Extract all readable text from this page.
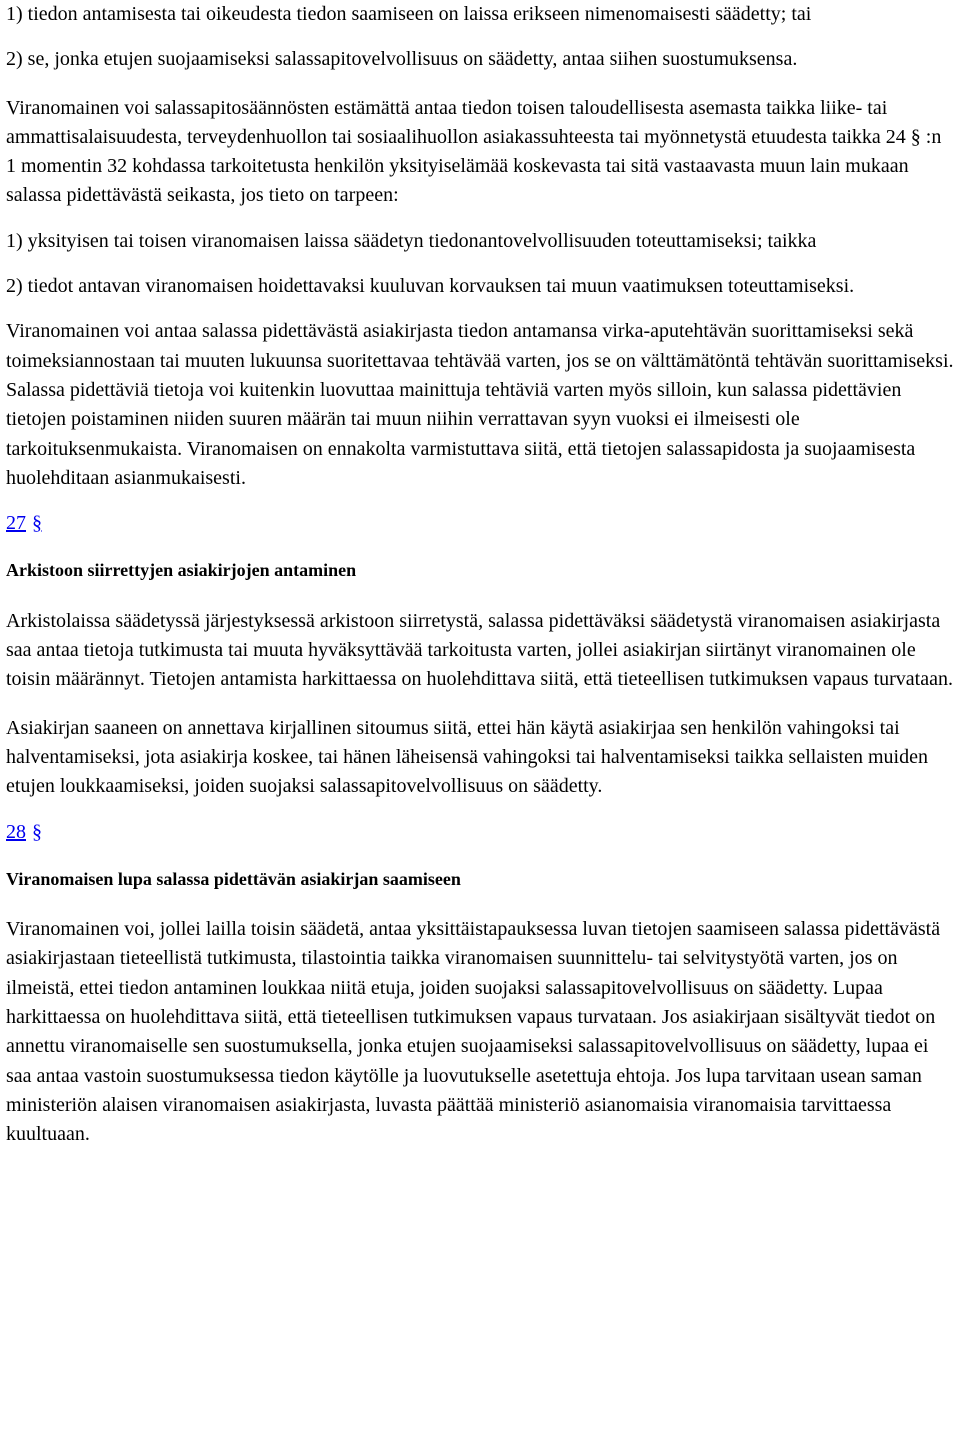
1) tiedon antamisesta tai oikeudesta tiedon saamiseen on laissa erikseen nimenomaisesti säädetty; tai

2) se, jonka etujen suojaamiseksi salassapitovelvollisuus on säädetty, antaa siihen suostumuksensa.

Viranomainen voi salassapitosäännösten estämättä antaa tiedon toisen taloudellisesta asemasta taikka liike- tai ammattisalaisuudesta, terveydenhuollon tai sosiaalihuollon asiakassuhteesta tai myönnetystä etuudesta taikka 24 § :n 1 momentin 32 kohdassa tarkoitetusta henkilön yksityiselämää koskevasta tai sitä vastaavasta muun lain mukaan salassa pidettävästä seikasta, jos tieto on tarpeen:

1) yksityisen tai toisen viranomaisen laissa säädetyn tiedonantovelvollisuuden toteuttamiseksi; taikka

2) tiedot antavan viranomaisen hoidettavaksi kuuluvan korvauksen tai muun vaatimuksen toteuttamiseksi.

Viranomainen voi antaa salassa pidettävästä asiakirjasta tiedon antamansa virka-aputehtävän suorittamiseksi sekä toimeksiannostaan tai muuten lukuunsa suoritettavaa tehtävää varten, jos se on välttämätöntä tehtävän suorittamiseksi. Salassa pidettäviä tietoja voi kuitenkin luovuttaa mainittuja tehtäviä varten myös silloin, kun salassa pidettävien tietojen poistaminen niiden suuren määrän tai muun niihin verrattavan syyn vuoksi ei ilmeisesti ole tarkoituksenmukaista. Viranomaisen on ennakolta varmistuttava siitä, että tietojen salassapidosta ja suojaamisesta huolehditaan asianmukaisesti.

27 §

Arkistoon siirrettyjen asiakirjojen antaminen

Arkistolaissa säädetyssä järjestyksessä arkistoon siirretystä, salassa pidettäväksi säädetystä viranomaisen asiakirjasta saa antaa tietoja tutkimusta tai muuta hyväksyttävää tarkoitusta varten, jollei asiakirjan siirtänyt viranomainen ole toisin määrännyt. Tietojen antamista harkittaessa on huolehdittava siitä, että tieteellisen tutkimuksen vapaus turvataan.

Asiakirjan saaneen on annettava kirjallinen sitoumus siitä, ettei hän käytä asiakirjaa sen henkilön vahingoksi tai halventamiseksi, jota asiakirja koskee, tai hänen läheisensä vahingoksi tai halventamiseksi taikka sellaisten muiden etujen loukkaamiseksi, joiden suojaksi salassapitovelvollisuus on säädetty.

28 §

Viranomaisen lupa salassa pidettävän asiakirjan saamiseen

Viranomainen voi, jollei laillа toisin säädetä, antaa yksittäistapauksessa luvan tietojen saamiseen salassa pidettävästä asiakirjastaan tieteellistä tutkimusta, tilastointia taikka viranomaisen suunnittelu- tai selvitystyötä varten, jos on ilmeistä, ettei tiedon antaminen loukkaa niitä etuja, joiden suojaksi salassapitovelvollisuus on säädetty. Lupaa harkittaessa on huolehdittava siitä, että tieteellisen tutkimuksen vapaus turvataan. Jos asiakirjaan sisältyvät tiedot on annettu viranomaiselle sen suostumuksella, jonka etujen suojaamiseksi salassapitovelvollisuus on säädetty, lupaa ei saa antaa vastoin suostumuksessa tiedon käytölle ja luovutukselle asetettuja ehtoja. Jos lupa tarvitaan usean saman ministeriön alaisen viranomaisen asiakirjasta, luvasta päättää ministeriö asianomaisia viranomaisia tarvittaessa kuultuaan.
